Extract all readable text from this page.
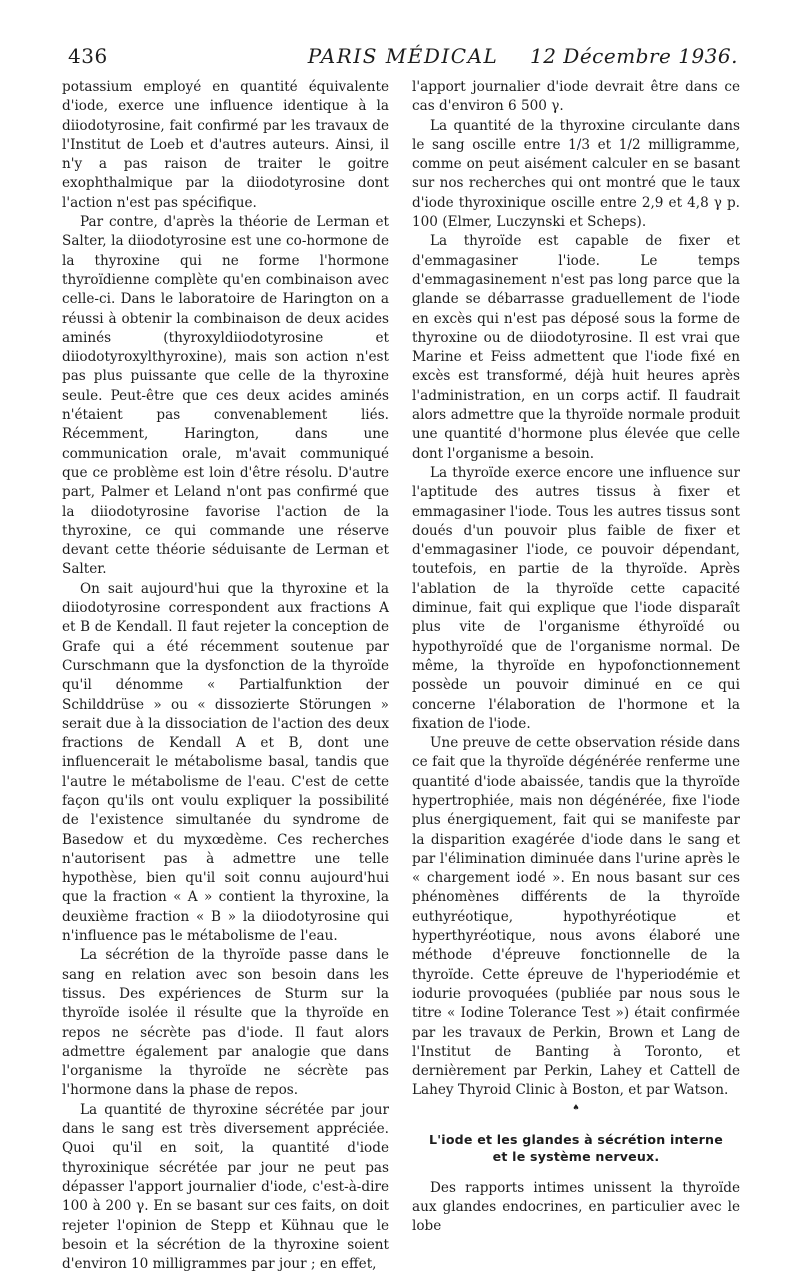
436	PARIS MÉDICAL	12 Décembre 1936.

potassium employé en quantité équivalente d'iode, exerce une influence identique à la diiodotyrosine, fait confirmé par les travaux de l'Institut de Loeb et d'autres auteurs. Ainsi, il n'y a pas raison de traiter le goitre exophthalmique par la diiodotyrosine dont l'action n'est pas spécifique.

Par contre, d'après la théorie de Lerman et Salter, la diiodotyrosine est une co-hormone de la thyroxine qui ne forme l'hormone thyroïdienne complète qu'en combinaison avec celle-ci. Dans le laboratoire de Harington on a réussi à obtenir la combinaison de deux acides aminés (thyroxyldiiodotyrosine et diiodotyroxylthyroxine), mais son action n'est pas plus puissante que celle de la thyroxine seule. Peut-être que ces deux acides aminés n'étaient pas convenablement liés. Récemment, Harington, dans une communication orale, m'avait communiqué que ce problème est loin d'être résolu. D'autre part, Palmer et Leland n'ont pas confirmé que la diiodotyrosine favorise l'action de la thyroxine, ce qui commande une réserve devant cette théorie séduisante de Lerman et Salter.

On sait aujourd'hui que la thyroxine et la diiodotyrosine correspondent aux fractions A et B de Kendall. Il faut rejeter la conception de Grafe qui a été récemment soutenue par Curschmann que la dysfonction de la thyroïde qu'il dénomme « Partialfunktion der Schilddrüse » ou « dissozierte Störungen » serait due à la dissociation de l'action des deux fractions de Kendall A et B, dont une influencerait le métabolisme basal, tandis que l'autre le métabolisme de l'eau. C'est de cette façon qu'ils ont voulu expliquer la possibilité de l'existence simultanée du syndrome de Basedow et du myxœdème. Ces recherches n'autorisent pas à admettre une telle hypothèse, bien qu'il soit connu aujourd'hui que la fraction « A » contient la thyroxine, la deuxième fraction « B » la diiodotyrosine qui n'influence pas le métabolisme de l'eau.

La sécrétion de la thyroïde passe dans le sang en relation avec son besoin dans les tissus. Des expériences de Sturm sur la thyroïde isolée il résulte que la thyroïde en repos ne sécrète pas d'iode. Il faut alors admettre également par analogie que dans l'organisme la thyroïde ne sécrète pas l'hormone dans la phase de repos.

La quantité de thyroxine sécrétée par jour dans le sang est très diversement appréciée. Quoi qu'il en soit, la quantité d'iode thyroxinique sécrétée par jour ne peut pas dépasser l'apport journalier d'iode, c'est-à-dire 100 à 200 γ. En se basant sur ces faits, on doit rejeter l'opinion de Stepp et Kühnau que le besoin et la sécrétion de la thyroxine soient d'environ 10 milligrammes par jour ; en effet,

l'apport journalier d'iode devrait être dans ce cas d'environ 6 500 γ.

La quantité de la thyroxine circulante dans le sang oscille entre 1/3 et 1/2 milligramme, comme on peut aisément calculer en se basant sur nos recherches qui ont montré que le taux d'iode thyroxinique oscille entre 2,9 et 4,8 γ p. 100 (Elmer, Luczynski et Scheps).

La thyroïde est capable de fixer et d'emmagasiner l'iode. Le temps d'emmagasinement n'est pas long parce que la glande se débarrasse graduellement de l'iode en excès qui n'est pas déposé sous la forme de thyroxine ou de diiodotyrosine. Il est vrai que Marine et Feiss admettent que l'iode fixé en excès est transformé, déjà huit heures après l'administration, en un corps actif. Il faudrait alors admettre que la thyroïde normale produit une quantité d'hormone plus élevée que celle dont l'organisme a besoin.

La thyroïde exerce encore une influence sur l'aptitude des autres tissus à fixer et emmagasiner l'iode. Tous les autres tissus sont doués d'un pouvoir plus faible de fixer et d'emmagasiner l'iode, ce pouvoir dépendant, toutefois, en partie de la thyroïde. Après l'ablation de la thyroïde cette capacité diminue, fait qui explique que l'iode disparaît plus vite de l'organisme éthyroïdé ou hypothyroïdé que de l'organisme normal. De même, la thyroïde en hypofonctionnement possède un pouvoir diminué en ce qui concerne l'élaboration de l'hormone et la fixation de l'iode.

Une preuve de cette observation réside dans ce fait que la thyroïde dégénérée renferme une quantité d'iode abaissée, tandis que la thyroïde hypertrophiée, mais non dégénérée, fixe l'iode plus énergiquement, fait qui se manifeste par la disparition exagérée d'iode dans le sang et par l'élimination diminuée dans l'urine après le « chargement iodé ». En nous basant sur ces phénomènes différents de la thyroïde euthyréotique, hypothyréotique et hyperthyréotique, nous avons élaboré une méthode d'épreuve fonctionnelle de la thyroïde. Cette épreuve de l'hyperiodémie et iodurie provoquées (publiée par nous sous le titre « Iodine Tolerance Test ») était confirmée par les travaux de Perkin, Brown et Lang de l'Institut de Banting à Toronto, et dernièrement par Perkin, Lahey et Cattell de Lahey Thyroid Clinic à Boston, et par Watson.

♠
L'iode et les glandes à sécrétion interne
et le système nerveux.

Des rapports intimes unissent la thyroïde aux glandes endocrines, en particulier avec le lobe
